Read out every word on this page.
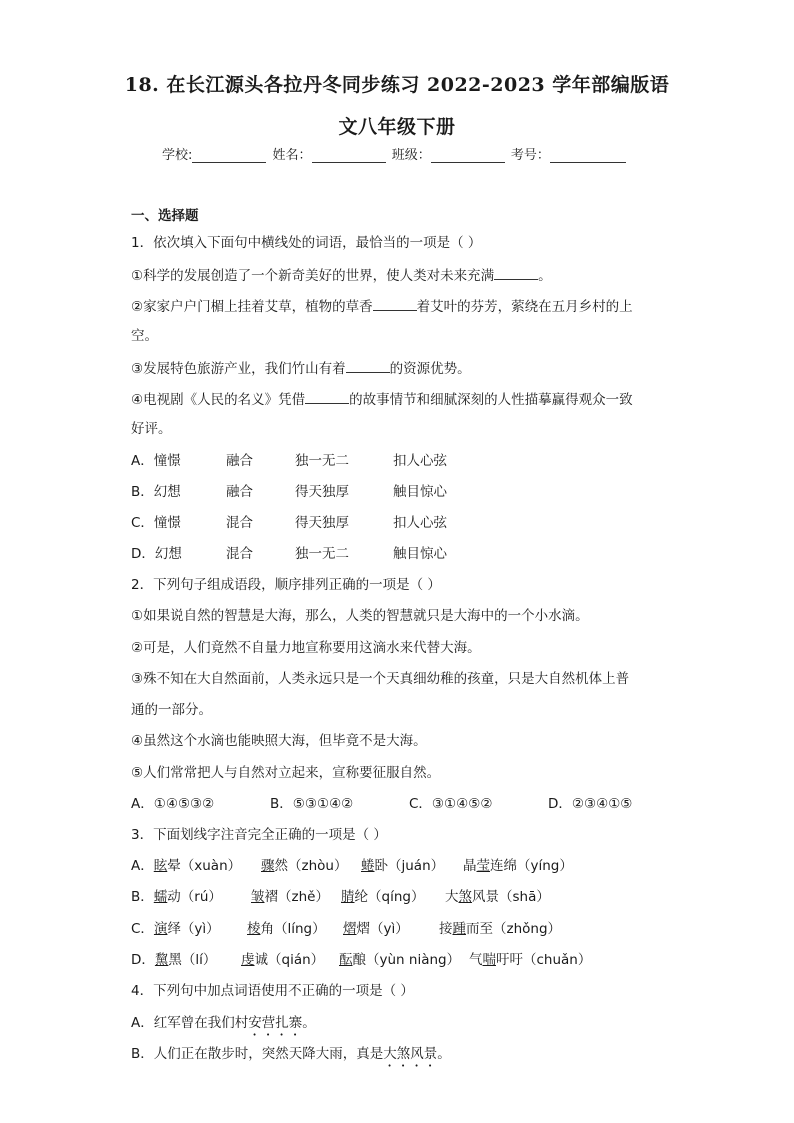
18. 在长江源头各拉丹冬同步练习 2022-2023 学年部编版语
文八年级下册
学校:	姓名：	班级：	考号：
一、选择题
1．依次填入下面句中横线处的词语，最恰当的一项是（ ）
①科学的发展创造了一个新奇美好的世界，使人类对未来充满	。
②家家户户门楣上挂着艾草，植物的草香	着艾叶的芬芳，萦绕在五月乡村的上
空。
③发展特色旅游产业，我们竹山有着	的资源优势。
④电视剧《人民的名义》凭借	的故事情节和细腻深刻的人性描摹赢得观众一致
好评。
A．憧憬	融合	独一无二	扣人心弦
B．幻想	融合	得天独厚	触目惊心
C．憧憬	混合	得天独厚	扣人心弦
D．幻想	混合	独一无二	触目惊心
2．下列句子组成语段，顺序排列正确的一项是（ ）
①如果说自然的智慧是大海，那么，人类的智慧就只是大海中的一个小水滴。
②可是，人们竟然不自量力地宣称要用这滴水来代替大海。
③殊不知在大自然面前，人类永远只是一个天真细幼稚的孩童，只是大自然机体上普
通的一部分。
④虽然这个水滴也能映照大海，但毕竟不是大海。
⑤人们常常把人与自然对立起来，宣称要征服自然。
A．①④⑤③②	B．⑤③①④②	C．③①④⑤②	D．②③④①⑤
3．下面划线字注音完全正确的一项是（ ）
A．眩晕（xuàn） 骤然（zhòu） 蜷卧（juán） 晶莹连绵（yíng）
B．蠕动（rú） 皱褶（zhě） 腈纶（qíng） 大煞风景（shā）
C．演绎（yì） 棱角（líng） 熠熠（yì） 接踵而至（zhǒng）
D．黧黑（lí） 虔诚（qián） 酝酿（yùn niàng） 气喘吁吁（chuǎn）
4．下列句中加点词语使用不正确的一项是（ ）
A．红军曾在我们村安营扎寨。
B．人们正在散步时，突然天降大雨，真是大煞风景。
